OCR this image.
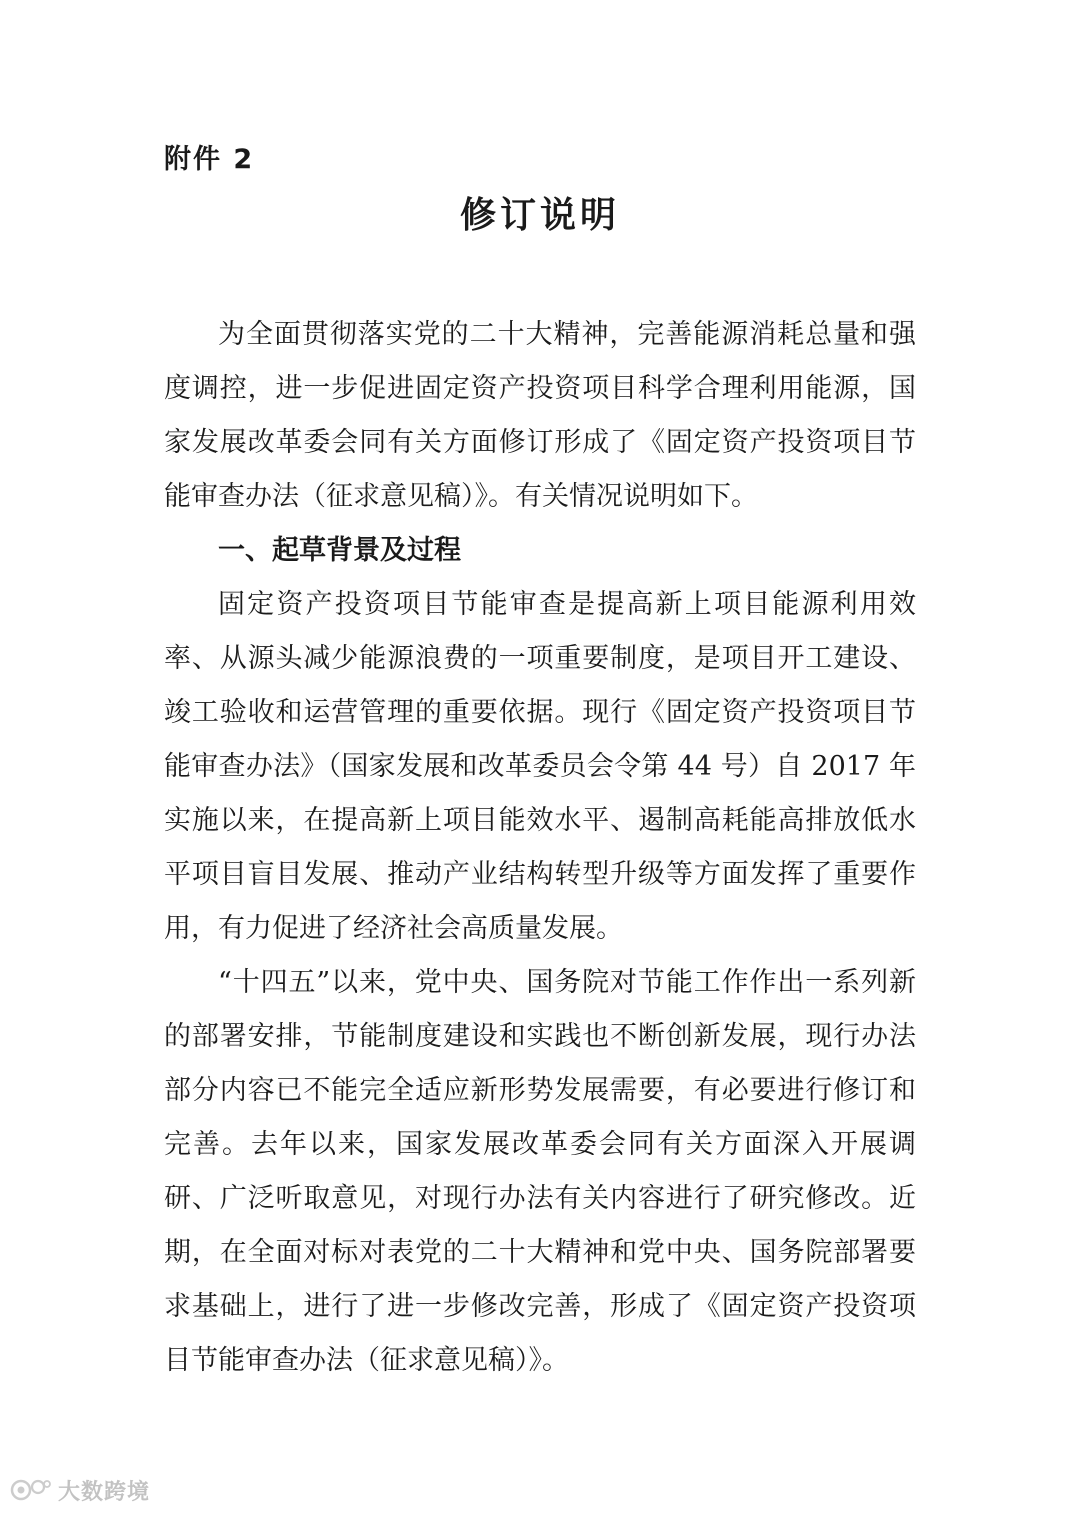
附件 2
修订说明

为全面贯彻落实党的二十大精神，完善能源消耗总量和强度调控，进一步促进固定资产投资项目科学合理利用能源，国家发展改革委会同有关方面修订形成了《固定资产投资项目节能审查办法（征求意见稿）》。有关情况说明如下。

一、起草背景及过程

固定资产投资项目节能审查是提高新上项目能源利用效率、从源头减少能源浪费的一项重要制度，是项目开工建设、竣工验收和运营管理的重要依据。现行《固定资产投资项目节能审查办法》（国家发展和改革委员会令第 44 号）自 2017 年实施以来，在提高新上项目能效水平、遏制高耗能高排放低水平项目盲目发展、推动产业结构转型升级等方面发挥了重要作用，有力促进了经济社会高质量发展。

“十四五”以来，党中央、国务院对节能工作作出一系列新的部署安排，节能制度建设和实践也不断创新发展，现行办法部分内容已不能完全适应新形势发展需要，有必要进行修订和完善。去年以来，国家发展改革委会同有关方面深入开展调研、广泛听取意见，对现行办法有关内容进行了研究修改。近期，在全面对标对表党的二十大精神和党中央、国务院部署要求基础上，进行了进一步修改完善，形成了《固定资产投资项目节能审查办法（征求意见稿）》。

大数跨境
